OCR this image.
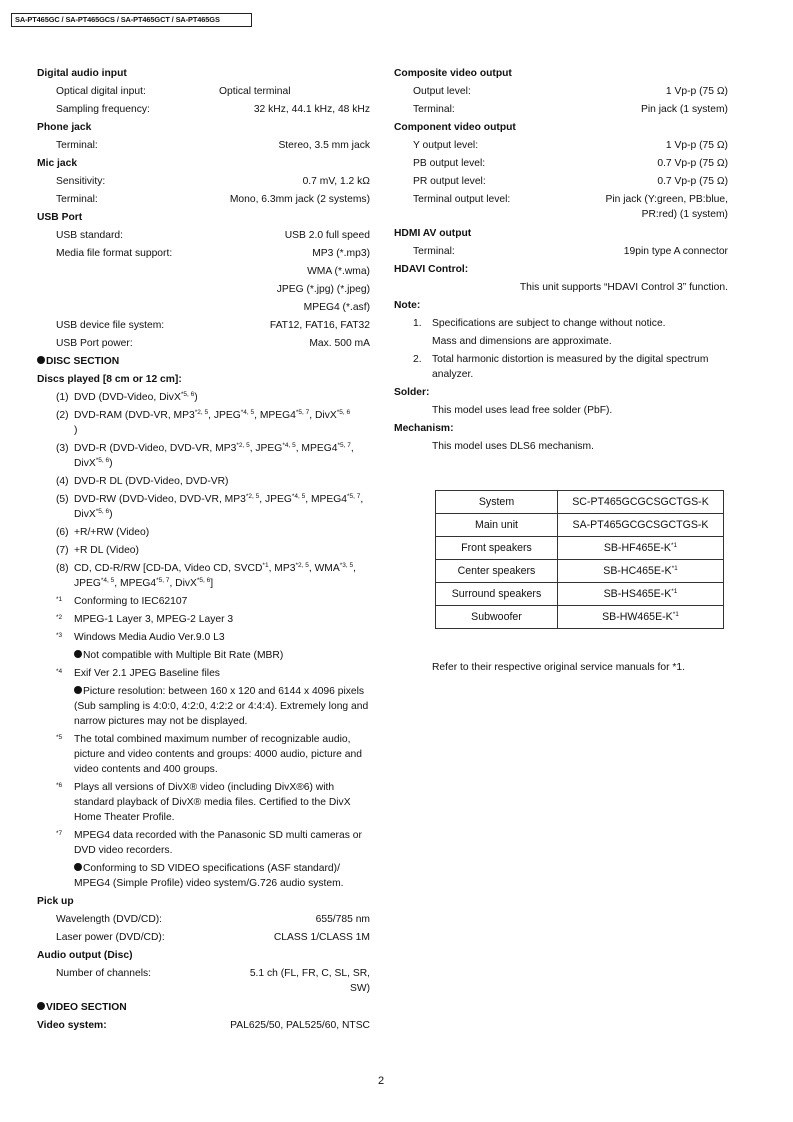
SA-PT465GC / SA-PT465GCS / SA-PT465GCT / SA-PT465GS
Digital audio input
Optical digital input:	Optical terminal
Sampling frequency:	32 kHz, 44.1 kHz, 48 kHz
Phone jack
Terminal:	Stereo, 3.5 mm jack
Mic jack
Sensitivity:	0.7 mV, 1.2 kΩ
Terminal:	Mono, 6.3mm jack (2 systems)
USB Port
USB standard:	USB 2.0 full speed
Media file format support:	MP3 (*.mp3)
WMA (*.wma)
JPEG (*.jpg) (*.jpeg)
MPEG4 (*.asf)
USB device file system:	FAT12, FAT16, FAT32
USB Port power:	Max. 500 mA
DISC SECTION
Discs played [8 cm or 12 cm]:
(1) DVD (DVD-Video, DivX$^{*5, 6}$)
(2) DVD-RAM (DVD-VR, MP3$^{*2, 5}$, JPEG$^{*4, 5}$, MPEG4$^{*5, 7}$, DivX$^{*5, 6}$
)
(3) DVD-R (DVD-Video, DVD-VR, MP3$^{*2, 5}$, JPEG$^{*4, 5}$, MPEG4$^{*5, 7}$, DivX$^{*5, 6}$)
(4) DVD-R DL (DVD-Video, DVD-VR)
(5) DVD-RW (DVD-Video, DVD-VR, MP3$^{*2, 5}$, JPEG$^{*4, 5}$, MPEG4$^{*5, 7}$, DivX$^{*5, 6}$)
(6) +R/+RW (Video)
(7) +R DL (Video)
(8) CD, CD-R/RW [CD-DA, Video CD, SVCD$^{*1}$, MP3$^{*2, 5}$, WMA$^{*3, 5}$, JPEG$^{*4, 5}$, MPEG4$^{*5, 7}$, DivX$^{*5, 6}$]
*1 Conforming to IEC62107
*2 MPEG-1 Layer 3, MPEG-2 Layer 3
*3 Windows Media Audio Ver.9.0 L3
Not compatible with Multiple Bit Rate (MBR)
*4 Exif Ver 2.1 JPEG Baseline files
Picture resolution: between 160 x 120 and 6144 x 4096 pixels (Sub sampling is 4:0:0, 4:2:0, 4:2:2 or 4:4:4). Extremely long and narrow pictures may not be displayed.
*5 The total combined maximum number of recognizable audio, picture and video contents and groups: 4000 audio, picture and video contents and 400 groups.
*6 Plays all versions of DivX® video (including DivX®6) with standard playback of DivX® media files. Certified to the DivX Home Theater Profile.
*7 MPEG4 data recorded with the Panasonic SD multi cameras or DVD video recorders.
Conforming to SD VIDEO specifications (ASF standard)/ MPEG4 (Simple Profile) video system/G.726 audio system.
Pick up
Wavelength (DVD/CD):	655/785 nm
Laser power (DVD/CD):	CLASS 1/CLASS 1M
Audio output (Disc)
Number of channels:	5.1 ch (FL, FR, C, SL, SR, SW)
VIDEO SECTION
Video system:	PAL625/50, PAL525/60, NTSC
Composite video output
Output level:	1 Vp-p (75 Ω)
Terminal:	Pin jack (1 system)
Component video output
Y output level:	1 Vp-p (75 Ω)
PB output level:	0.7 Vp-p (75 Ω)
PR output level:	0.7 Vp-p (75 Ω)
Terminal output level:	Pin jack (Y:green, PB:blue, PR:red) (1 system)
HDMI AV output
Terminal:	19pin type A connector
HDAVI Control:
This unit supports “HDAVI Control 3” function.
Note:
1. Specifications are subject to change without notice.
Mass and dimensions are approximate.
2. Total harmonic distortion is measured by the digital spectrum analyzer.
Solder:
This model uses lead free solder (PbF).
Mechanism:
This model uses DLS6 mechanism.
System	SC-PT465GCGCSGCTGS-K
Main unit	SA-PT465GCGCSGCTGS-K
Front speakers	$SB-HF465E-K^{*1}$
Center speakers	$SB-HC465E-K^{*1}$
Surround speakers	$SB-HS465E-K^{*1}$
Subwoofer	$SB-HW465E-K^{*1}$
Refer to their respective original service manuals for *1.
2
